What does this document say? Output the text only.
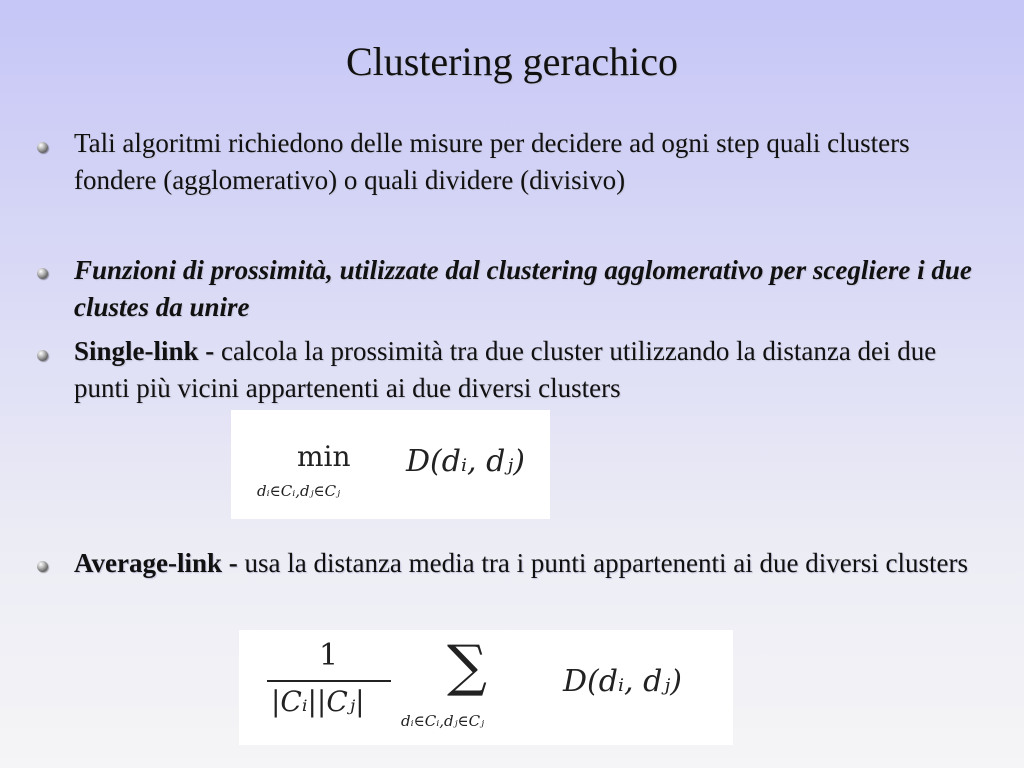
Clustering gerachico
Tali algoritmi richiedono delle misure per decidere ad ogni step quali clusters fondere (agglomerativo) o quali dividere (divisivo)
Funzioni di prossimità, utilizzate dal clustering agglomerativo per scegliere i due clustes da unire
Single-link - calcola la prossimità tra due cluster utilizzando la distanza dei due punti più vicini appartenenti ai due diversi clusters
min
dᵢ∈Cᵢ,dⱼ∈Cⱼ
D(dᵢ, dⱼ)
Average-link - usa la distanza media tra i punti appartenenti ai due diversi clusters
1
|Cᵢ||Cⱼ|
∑
dᵢ∈Cᵢ,dⱼ∈Cⱼ
D(dᵢ, dⱼ)
